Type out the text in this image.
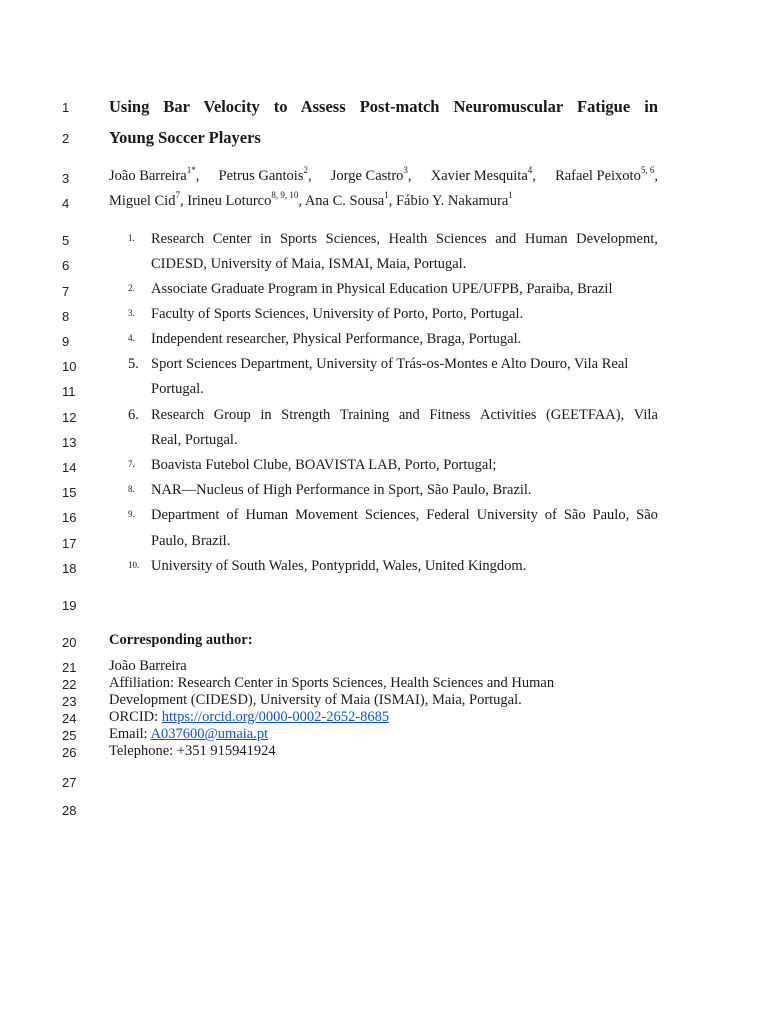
1
2
3
4
5
6
7
8
9
10
11
12
13
14
15
16
17
18
19
20
21
22
23
24
25
26
27
28
Using Bar Velocity to Assess Post-match Neuromuscular Fatigue in
Young Soccer Players
João Barreira$^{1*}$, Petrus Gantois$^2$, Jorge Castro$^3$, Xavier Mesquita$^4$, Rafael Peixoto$^{5, 6}$,
Miguel Cid$^7$, Irineu Loturco$^{8, 9, 10}$, Ana C. Sousa$^1$, Fábio Y. Nakamura$^1$
1. Research Center in Sports Sciences, Health Sciences and Human Development,
CIDESD, University of Maia, ISMAI, Maia, Portugal.
2. Associate Graduate Program in Physical Education UPE/UFPB, Paraiba, Brazil
3. Faculty of Sports Sciences, University of Porto, Porto, Portugal.
4. Independent researcher, Physical Performance, Braga, Portugal.
5. Sport Sciences Department, University of Trás-os-Montes e Alto Douro, Vila Real
Portugal.
6. Research Group in Strength Training and Fitness Activities (GEETFAA), Vila
Real, Portugal.
7. Boavista Futebol Clube, BOAVISTA LAB, Porto, Portugal;
8. NAR—Nucleus of High Performance in Sport, São Paulo, Brazil.
9. Department of Human Movement Sciences, Federal University of São Paulo, São
Paulo, Brazil.
10. University of South Wales, Pontypridd, Wales, United Kingdom.
Corresponding author:
João Barreira
Affiliation: Research Center in Sports Sciences, Health Sciences and Human
Development (CIDESD), University of Maia (ISMAI), Maia, Portugal.
ORCID: https://orcid.org/0000-0002-2652-8685
Email: A037600@umaia.pt
Telephone: +351 915941924
